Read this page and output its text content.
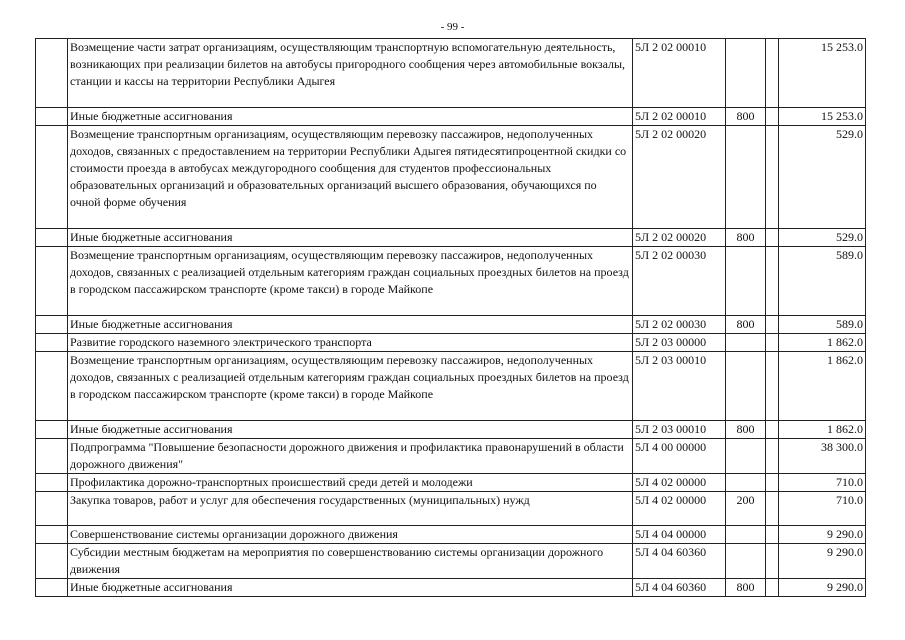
- 99 -
	Возмещение части затрат организациям, осуществляющим транспортную вспомогательную деятельность, возникающих при реализации билетов на автобусы пригородного сообщения через автомобильные вокзалы, станции и кассы на территории Республики Адыгея	5Л 2 02 00010			15 253.0
	Иные бюджетные ассигнования	5Л 2 02 00010	800		15 253.0
	Возмещение транспортным организациям, осуществляющим перевозку пассажиров, недополученных доходов, связанных с предоставлением на территории Республики Адыгея пятидесятипроцентной скидки со стоимости проезда в автобусах междугородного сообщения для студентов профессиональных образовательных организаций и образовательных организаций высшего образования, обучающихся по очной форме обучения	5Л 2 02 00020			529.0
	Иные бюджетные ассигнования	5Л 2 02 00020	800		529.0
	Возмещение транспортным организациям, осуществляющим перевозку пассажиров, недополученных доходов, связанных с реализацией отдельным категориям граждан социальных проездных билетов на проезд в городском пассажирском транспорте (кроме такси) в городе Майкопе	5Л 2 02 00030			589.0
	Иные бюджетные ассигнования	5Л 2 02 00030	800		589.0
	Развитие городского наземного электрического транспорта	5Л 2 03 00000			1 862.0
	Возмещение транспортным организациям, осуществляющим перевозку пассажиров, недополученных доходов, связанных с реализацией отдельным категориям граждан социальных проездных билетов на проезд в городском пассажирском транспорте (кроме такси) в городе Майкопе	5Л 2 03 00010			1 862.0
	Иные бюджетные ассигнования	5Л 2 03 00010	800		1 862.0
	Подпрограмма "Повышение безопасности дорожного движения и профилактика правонарушений в области дорожного движения"	5Л 4 00 00000			38 300.0
	Профилактика дорожно-транспортных происшествий среди детей и молодежи	5Л 4 02 00000			710.0
	Закупка товаров, работ и услуг для обеспечения государственных (муниципальных) нужд	5Л 4 02 00000	200		710.0
	Совершенствование системы организации дорожного движения	5Л 4 04 00000			9 290.0
	Субсидии местным бюджетам на мероприятия по совершенствованию системы организации дорожного движения	5Л 4 04 60360			9 290.0
	Иные бюджетные ассигнования	5Л 4 04 60360	800		9 290.0
